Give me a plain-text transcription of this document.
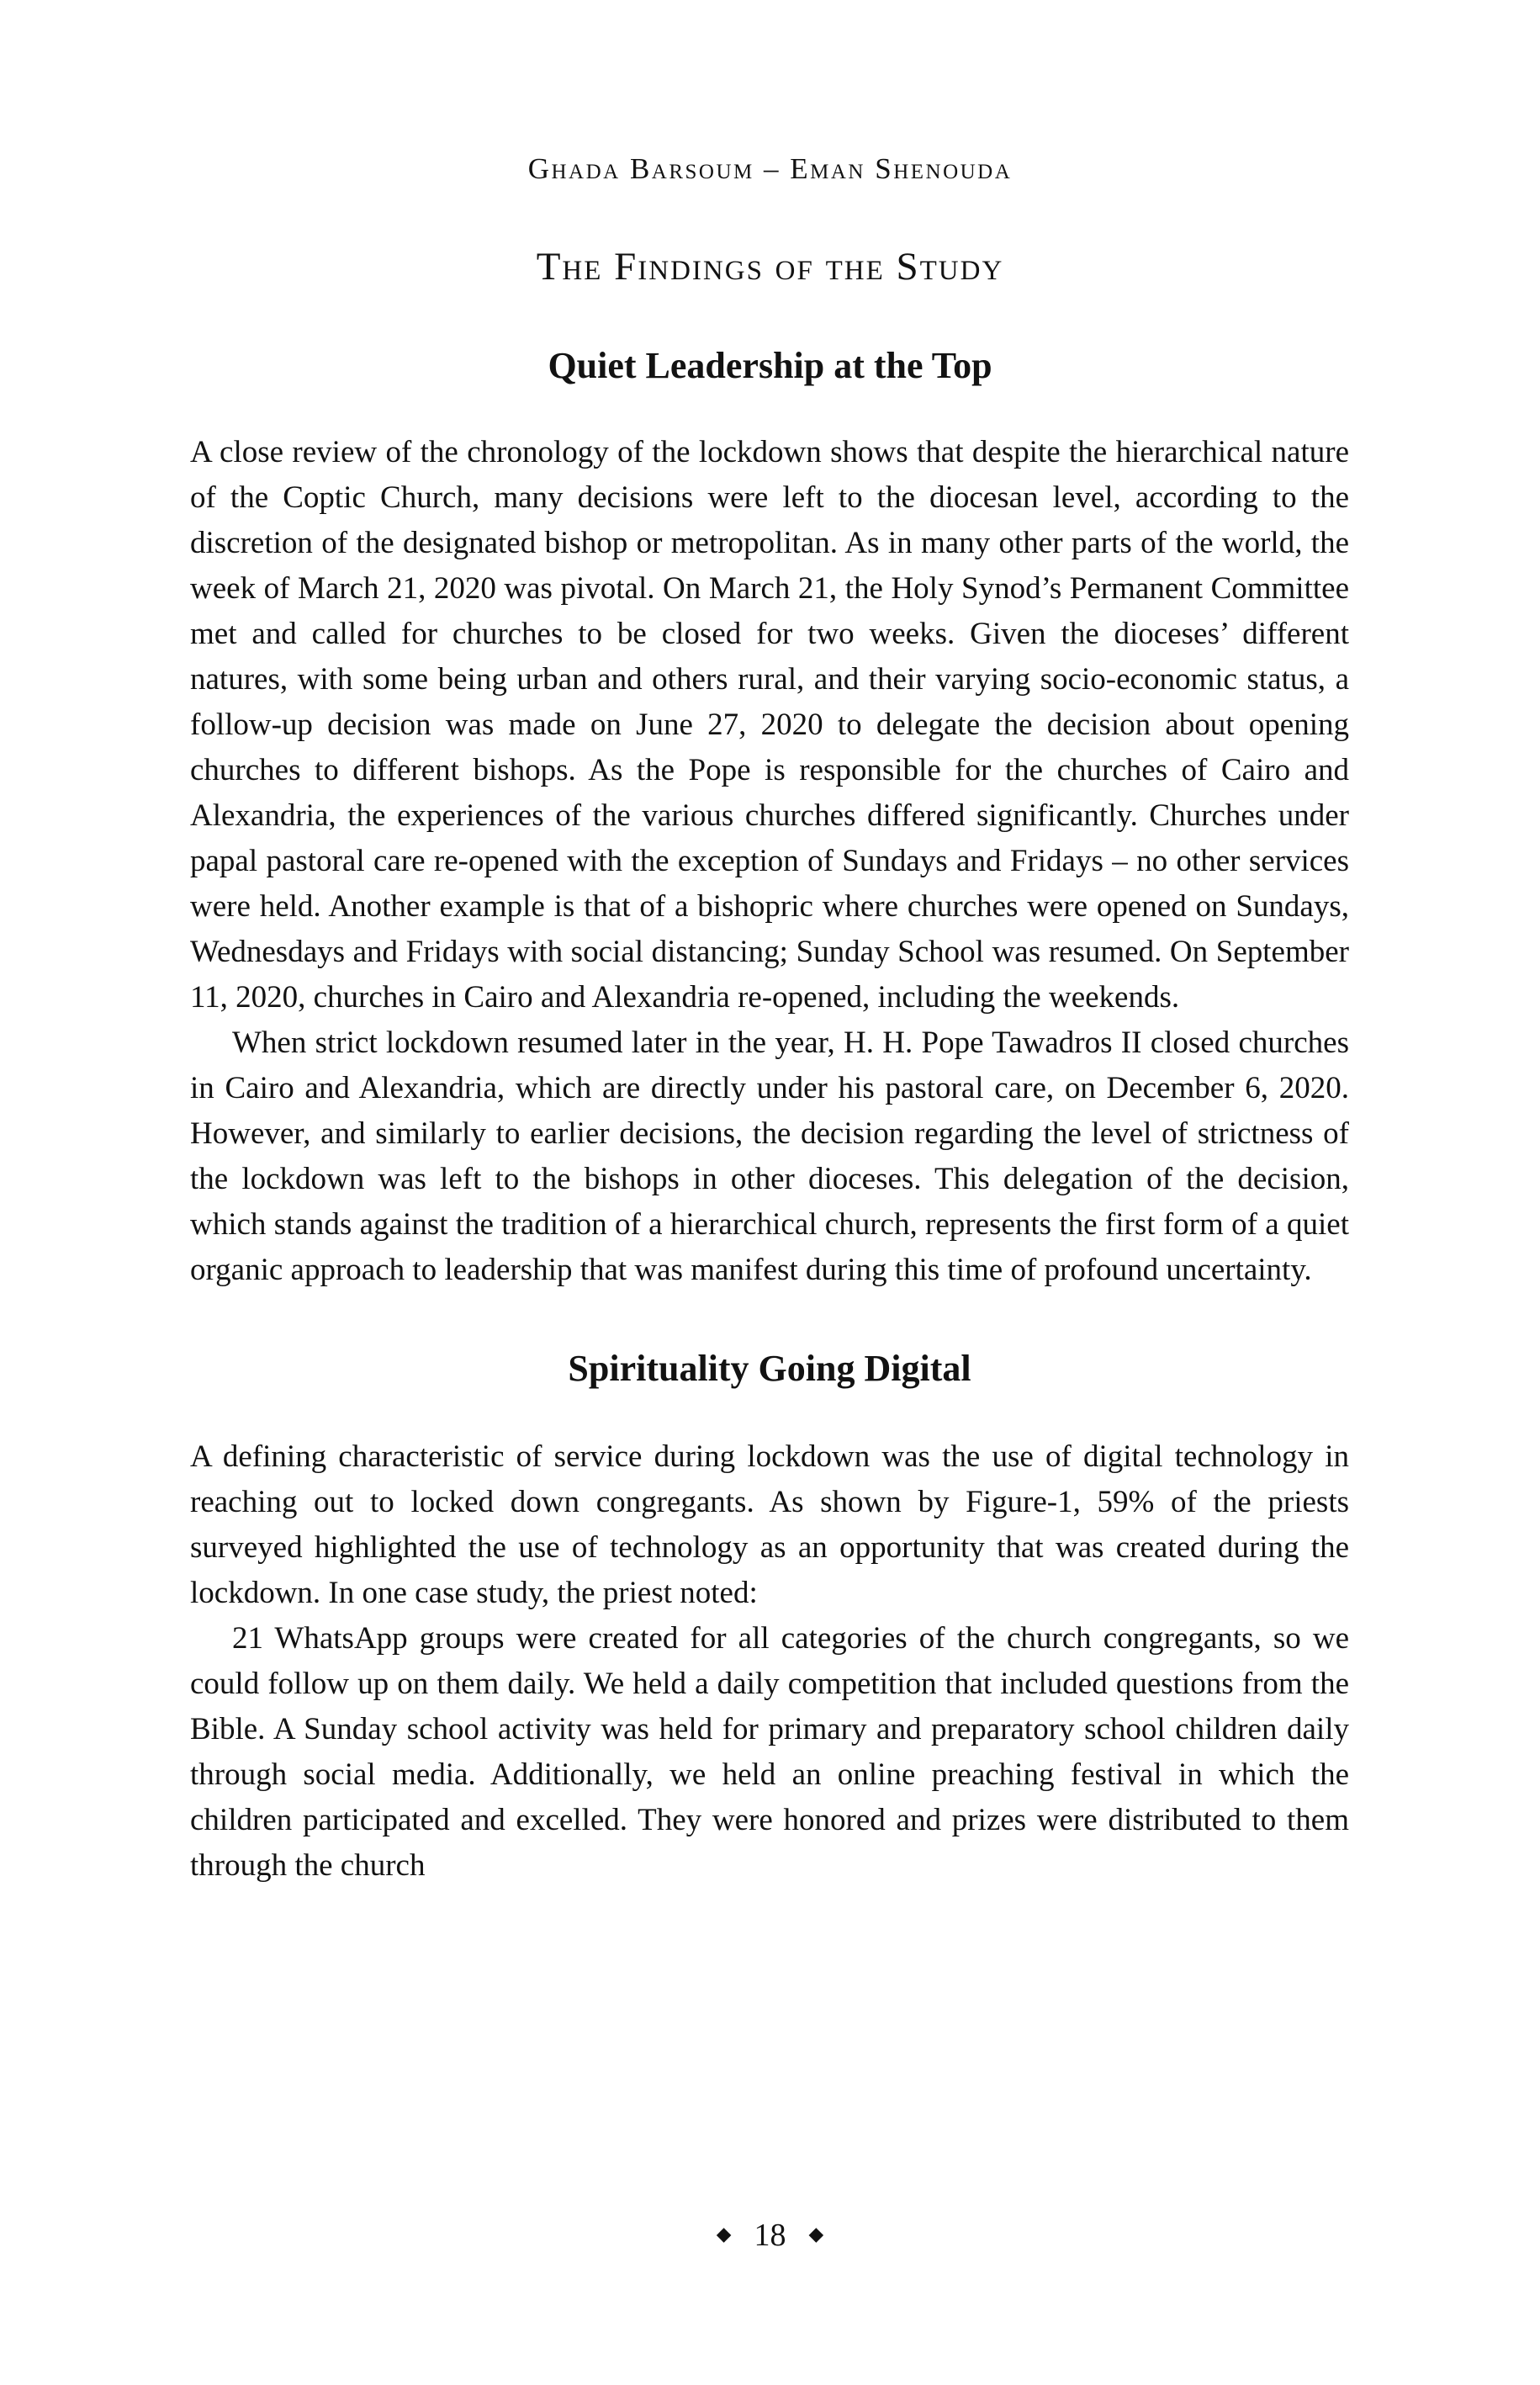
Ghada Barsoum – Eman Shenouda
The Findings of the Study
Quiet Leadership at the Top

A close review of the chronology of the lockdown shows that despite the hierarchical nature of the Coptic Church, many decisions were left to the diocesan level, according to the discretion of the designated bishop or metropolitan. As in many other parts of the world, the week of March 21, 2020 was pivotal. On March 21, the Holy Synod’s Permanent Committee met and called for churches to be closed for two weeks. Given the dioceses’ different natures, with some being urban and others rural, and their varying socio-economic status, a follow-up decision was made on June 27, 2020 to delegate the decision about opening churches to different bishops. As the Pope is responsible for the churches of Cairo and Alexandria, the experiences of the various churches differed significantly. Churches under papal pastoral care re-opened with the exception of Sundays and Fridays – no other services were held. Another example is that of a bishopric where churches were opened on Sundays, Wednesdays and Fridays with social distancing; Sunday School was resumed. On September 11, 2020, churches in Cairo and Alexandria re-opened, including the weekends.

When strict lockdown resumed later in the year, H. H. Pope Tawadros II closed churches in Cairo and Alexandria, which are directly under his pastoral care, on December 6, 2020. However, and similarly to earlier decisions, the decision regarding the level of strictness of the lockdown was left to the bishops in other dioceses. This delegation of the decision, which stands against the tradition of a hierarchical church, represents the first form of a quiet organic approach to leadership that was manifest during this time of profound uncertainty.

Spirituality Going Digital

A defining characteristic of service during lockdown was the use of digital technology in reaching out to locked down congregants. As shown by Figure-1, 59% of the priests surveyed highlighted the use of technology as an opportunity that was created during the lockdown. In one case study, the priest noted:

21 WhatsApp groups were created for all categories of the church congregants, so we could follow up on them daily. We held a daily competition that included questions from the Bible. A Sunday school activity was held for primary and preparatory school children daily through social media. Additionally, we held an online preaching festival in which the children participated and excelled. They were honored and prizes were distributed to them through the church

◆ 18 ◆
